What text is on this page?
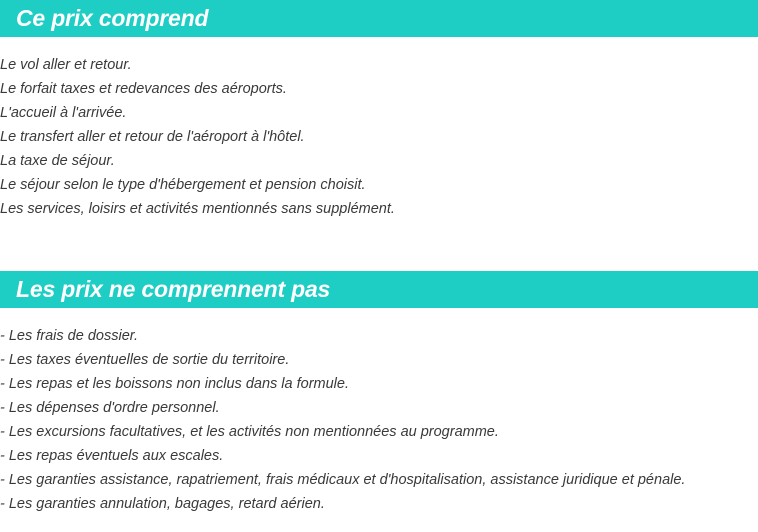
Ce prix comprend
Le vol aller et retour.
Le forfait taxes et redevances des aéroports.
L'accueil à l'arrivée.
Le transfert aller et retour de l'aéroport à l'hôtel.
La taxe de séjour.
Le séjour selon le type d'hébergement et pension choisit.
Les services, loisirs et activités mentionnés sans supplément.
Les prix ne comprennent pas
- Les frais de dossier.
- Les taxes éventuelles de sortie du territoire.
- Les repas et les boissons non inclus dans la formule.
- Les dépenses d'ordre personnel.
- Les excursions facultatives, et les activités non mentionnées au programme.
- Les repas éventuels aux escales.
- Les garanties assistance, rapatriement, frais médicaux et d'hospitalisation, assistance juridique et pénale.
- Les garanties annulation, bagages, retard aérien.
